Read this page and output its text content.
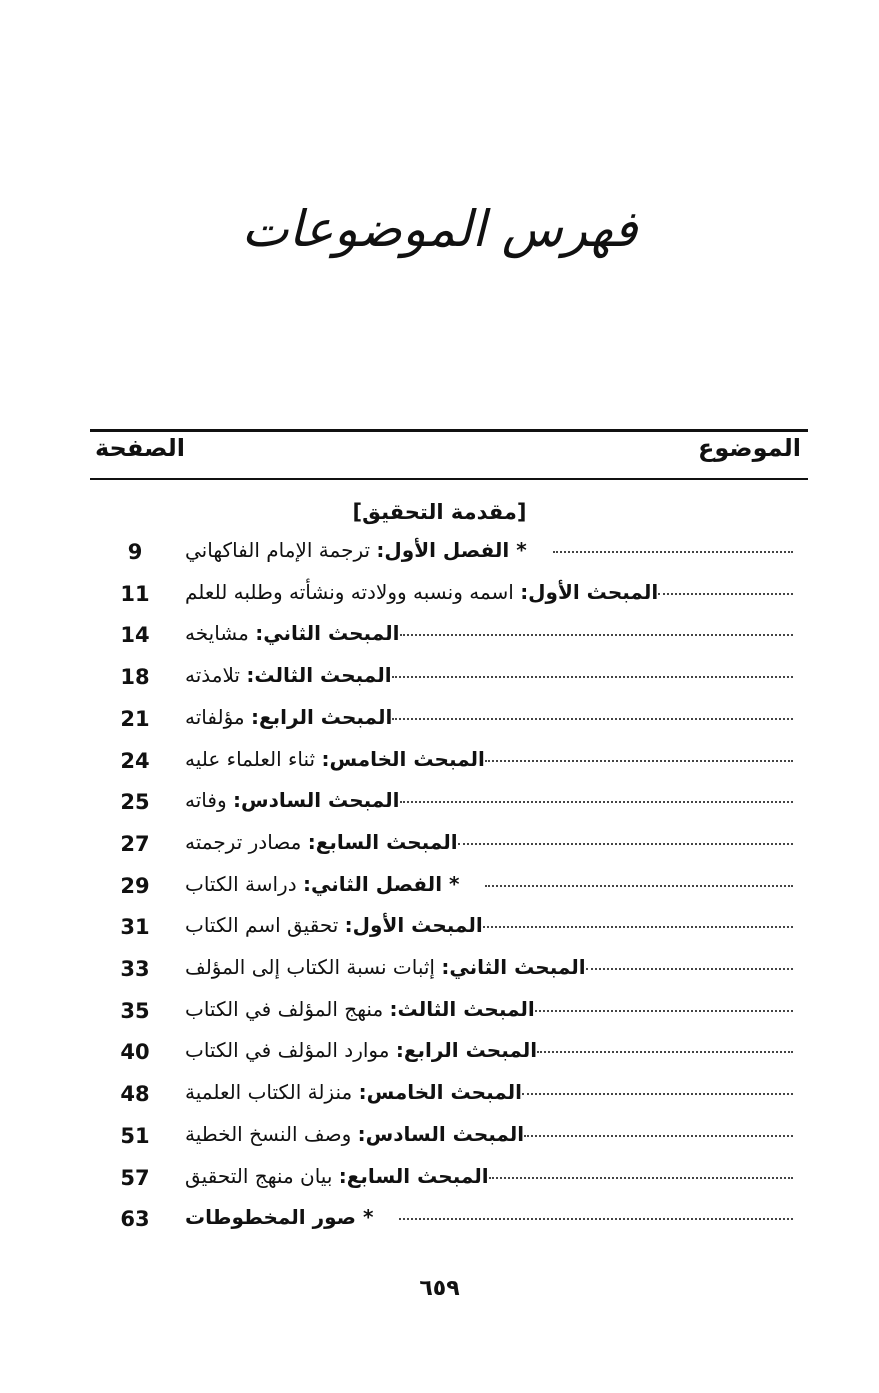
فهرس الموضوعات
الموضوع
الصفحة
[مقدمة التحقيق]
9	* الفصل الأول: ترجمة الإمام الفاكهاني
11	المبحث الأول: اسمه ونسبه وولادته ونشأته وطلبه للعلم
14	المبحث الثاني: مشايخه
18	المبحث الثالث: تلامذته
21	المبحث الرابع: مؤلفاته
24	المبحث الخامس: ثناء العلماء عليه
25	المبحث السادس: وفاته
27	المبحث السابع: مصادر ترجمته
29	* الفصل الثاني: دراسة الكتاب
31	المبحث الأول: تحقيق اسم الكتاب
33	المبحث الثاني: إثبات نسبة الكتاب إلى المؤلف
35	المبحث الثالث: منهج المؤلف في الكتاب
40	المبحث الرابع: موارد المؤلف في الكتاب
48	المبحث الخامس: منزلة الكتاب العلمية
51	المبحث السادس: وصف النسخ الخطية
57	المبحث السابع: بيان منهج التحقيق
63 * صور المخطوطات
٦٥٩
